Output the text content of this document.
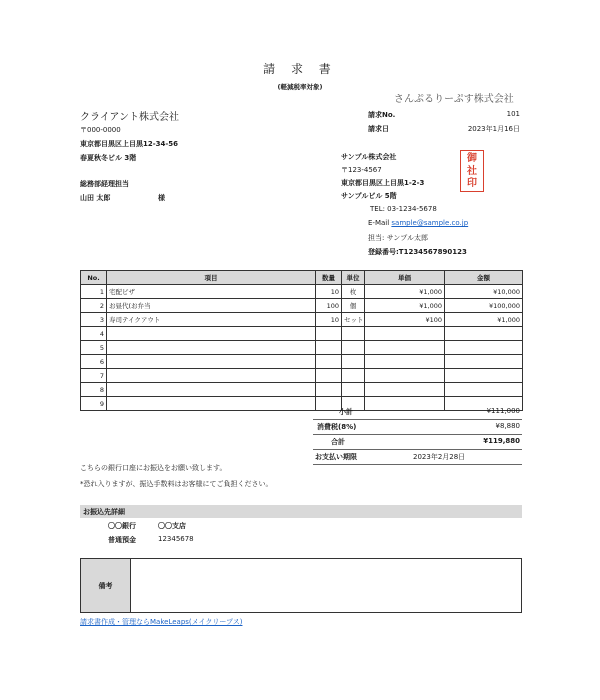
請 求 書
(軽減税率対象)
さんぷるりーぷす株式会社
クライアント株式会社
〒000-0000
東京都目黒区上目黒12-34-56
春夏秋冬ビル 3階
総務部経理担当
山田 太郎	様
請求No.	101
請求日	2023年1月16日
サンプル株式会社
〒123-4567
東京都目黒区上目黒1-2-3
サンプルビル 5階
TEL: 03-1234-5678
E-Mail sample@sample.co.jp
担当: サンプル太郎
登録番号:T1234567890123
御
社
印
No.	項目	数量	単位	単価	金額
1	宅配ピザ	10	枚	¥1,000	¥10,000
2	お昼代(お弁当	100	個	¥1,000	¥100,000
3	寿司テイクアウト	10	セット	¥100	¥1,000
4					
5					
6					
7					
8					
9					
小計	¥111,000
消費税(8%)	¥8,880
合計	¥119,880
お支払い期限	2023年2月28日
こちらの銀行口座にお振込をお願い致します。
*恐れ入りますが、振込手数料はお客様にてご負担ください。
お振込先詳細
〇〇銀行	〇〇支店
普通預金	12345678
備考
請求書作成・管理ならMakeLeaps(メイクリープス)
